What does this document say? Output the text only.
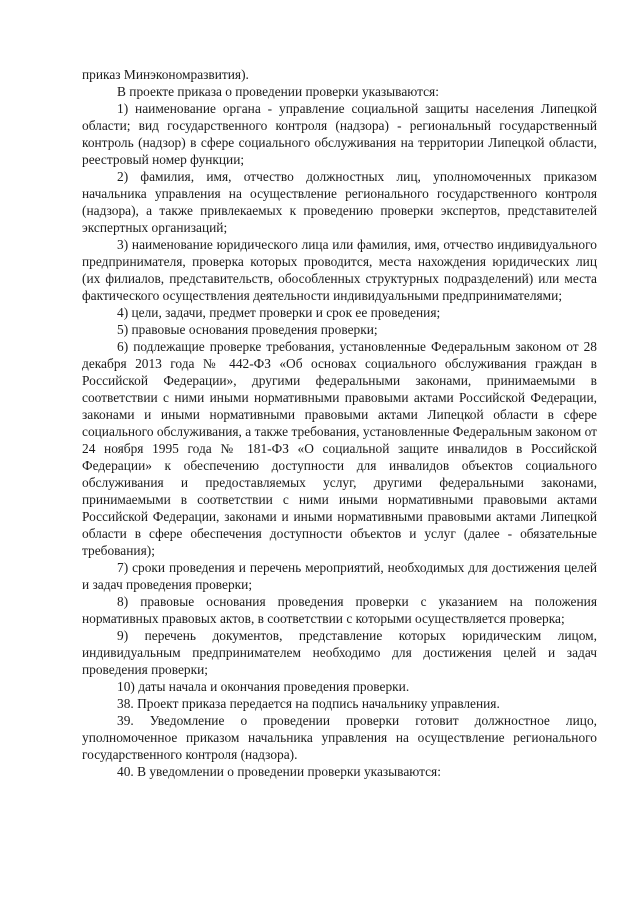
приказ Минэкономразвития).

В проекте приказа о проведении проверки указываются:

1) наименование органа - управление социальной защиты населения Липецкой области; вид государственного контроля (надзора) - региональный государственный контроль (надзор) в сфере социального обслуживания на территории Липецкой области, реестровый номер функции;

2) фамилия, имя, отчество должностных лиц, уполномоченных приказом начальника управления на осуществление регионального государственного контроля (надзора), а также привлекаемых к проведению проверки экспертов, представителей экспертных организаций;

3) наименование юридического лица или фамилия, имя, отчество индивидуального предпринимателя, проверка которых проводится, места нахождения юридических лиц (их филиалов, представительств, обособленных структурных подразделений) или места фактического осуществления деятельности индивидуальными предпринимателями;

4) цели, задачи, предмет проверки и срок ее проведения;

5) правовые основания проведения проверки;

6) подлежащие проверке требования, установленные Федеральным законом от 28 декабря 2013 года № 442-ФЗ «Об основах социального обслуживания граждан в Российской Федерации», другими федеральными законами, принимаемыми в соответствии с ними иными нормативными правовыми актами Российской Федерации, законами и иными нормативными правовыми актами Липецкой области в сфере социального обслуживания, а также требования, установленные Федеральным законом от 24 ноября 1995 года № 181-ФЗ «О социальной защите инвалидов в Российской Федерации» к обеспечению доступности для инвалидов объектов социального обслуживания и предоставляемых услуг, другими федеральными законами, принимаемыми в соответствии с ними иными нормативными правовыми актами Российской Федерации, законами и иными нормативными правовыми актами Липецкой области в сфере обеспечения доступности объектов и услуг (далее - обязательные требования);

7) сроки проведения и перечень мероприятий, необходимых для достижения целей и задач проведения проверки;

8) правовые основания проведения проверки с указанием на положения нормативных правовых актов, в соответствии с которыми осуществляется проверка;

9) перечень документов, представление которых юридическим лицом, индивидуальным предпринимателем необходимо для достижения целей и задач проведения проверки;

10) даты начала и окончания проведения проверки.

38. Проект приказа передается на подпись начальнику управления.

39. Уведомление о проведении проверки готовит должностное лицо, уполномоченное приказом начальника управления на осуществление регионального государственного контроля (надзора).

40. В уведомлении о проведении проверки указываются:
